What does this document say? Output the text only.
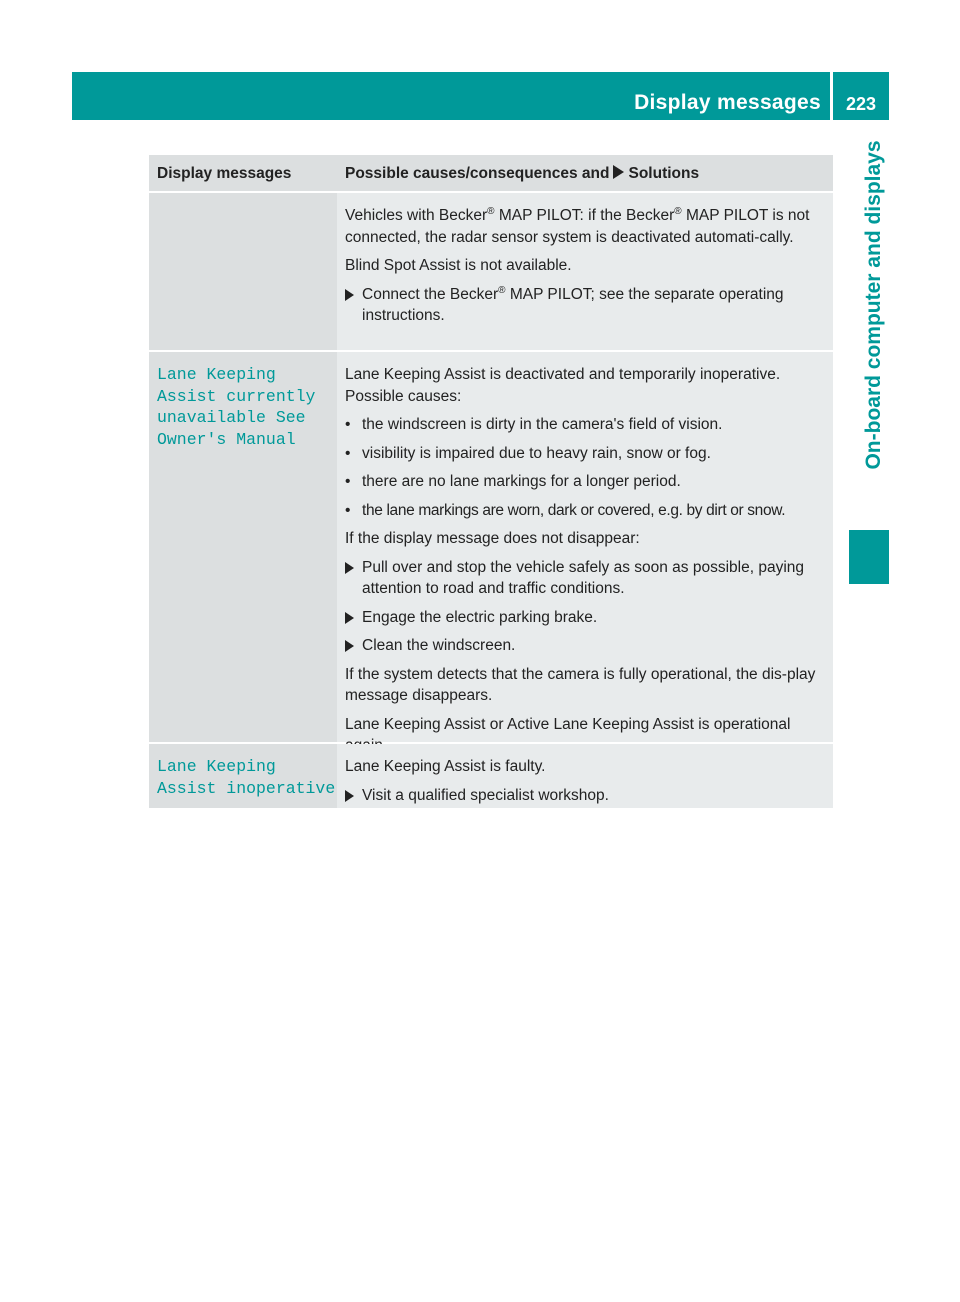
Display messages	223
On-board computer and displays
Display messages	Possible causes/consequences and Solutions

Vehicles with Becker® MAP PILOT: if the Becker® MAP PILOT is not connected, the radar sensor system is deactivated automati-cally.

Blind Spot Assist is not available.

Connect the Becker® MAP PILOT; see the separate operating instructions.

Lane Keeping
Assist currently
unavailable See
Owner's Manual

Lane Keeping Assist is deactivated and temporarily inoperative. Possible causes:

• the windscreen is dirty in the camera's field of vision.

• visibility is impaired due to heavy rain, snow or fog.

• there are no lane markings for a longer period.

• the lane markings are worn, dark or covered, e.g. by dirt or snow.

If the display message does not disappear:

Pull over and stop the vehicle safely as soon as possible, paying attention to road and traffic conditions.

Engage the electric parking brake.

Clean the windscreen.

If the system detects that the camera is fully operational, the dis-play message disappears.

Lane Keeping Assist or Active Lane Keeping Assist is operational

Lane Keeping
Assist inoperative

Lane Keeping Assist is faulty.

Visit a qualified specialist workshop.
